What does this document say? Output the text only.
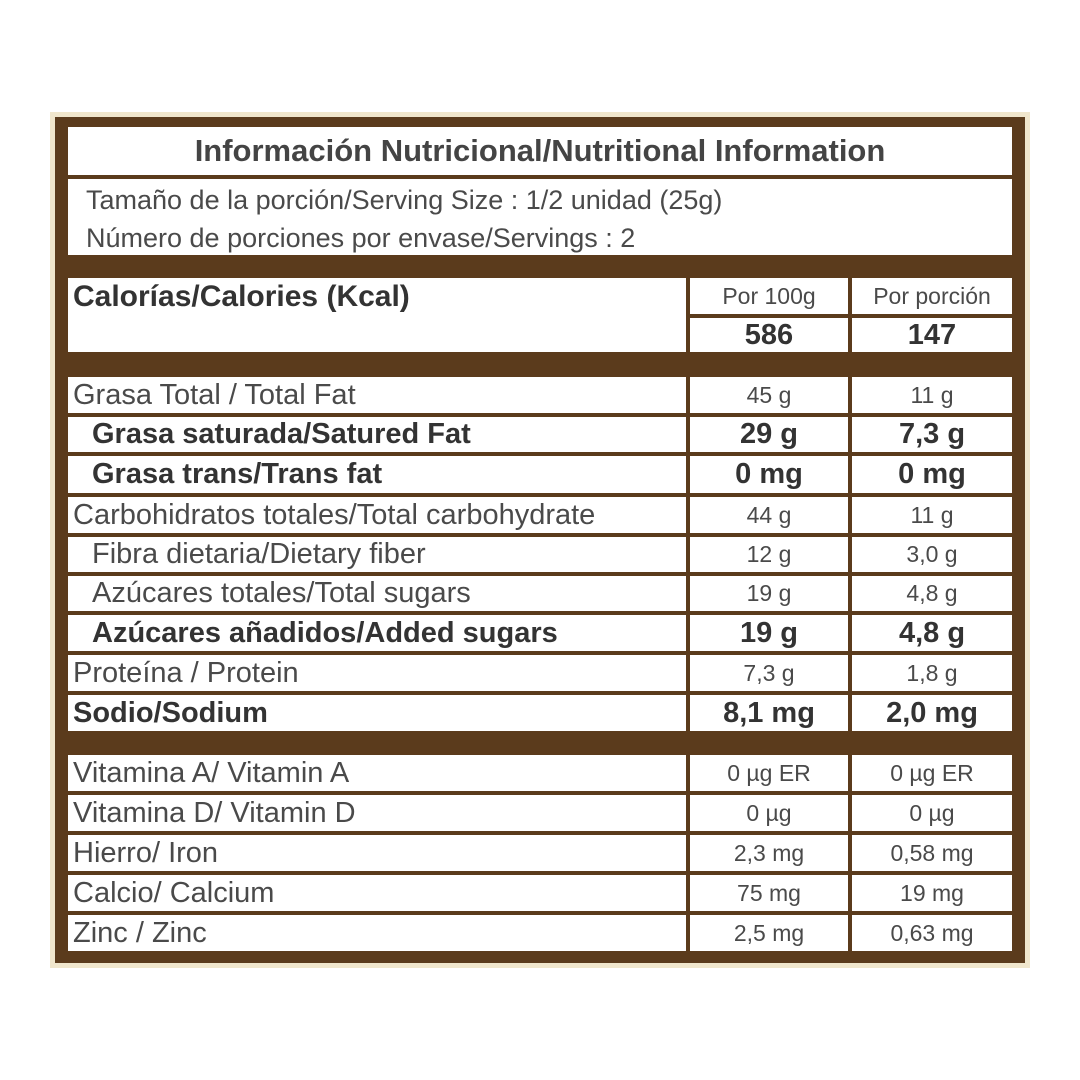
Información Nutricional/Nutritional Information
Tamaño de la porción/Serving Size : 1/2 unidad (25g)
Número de porciones por envase/Servings : 2
Calorías/Calories (Kcal)	Por 100g	Por porción
586	147
Grasa Total / Total Fat	45 g	11 g
Grasa saturada/Satured Fat	29 g	7,3 g
Grasa trans/Trans fat	0 mg	0 mg
Carbohidratos totales/Total carbohydrate	44 g	11 g
Fibra dietaria/Dietary fiber	12 g	3,0 g
Azúcares totales/Total sugars	19 g	4,8 g
Azúcares añadidos/Added sugars	19 g	4,8 g
Proteína / Protein	7,3 g	1,8 g
Sodio/Sodium	8,1 mg	2,0 mg
Vitamina A/ Vitamin A	0 µg ER	0 µg ER
Vitamina D/ Vitamin D	0 µg	0 µg
Hierro/ Iron	2,3 mg	0,58 mg
Calcio/ Calcium	75 mg	19 mg
Zinc / Zinc	2,5 mg	0,63 mg
